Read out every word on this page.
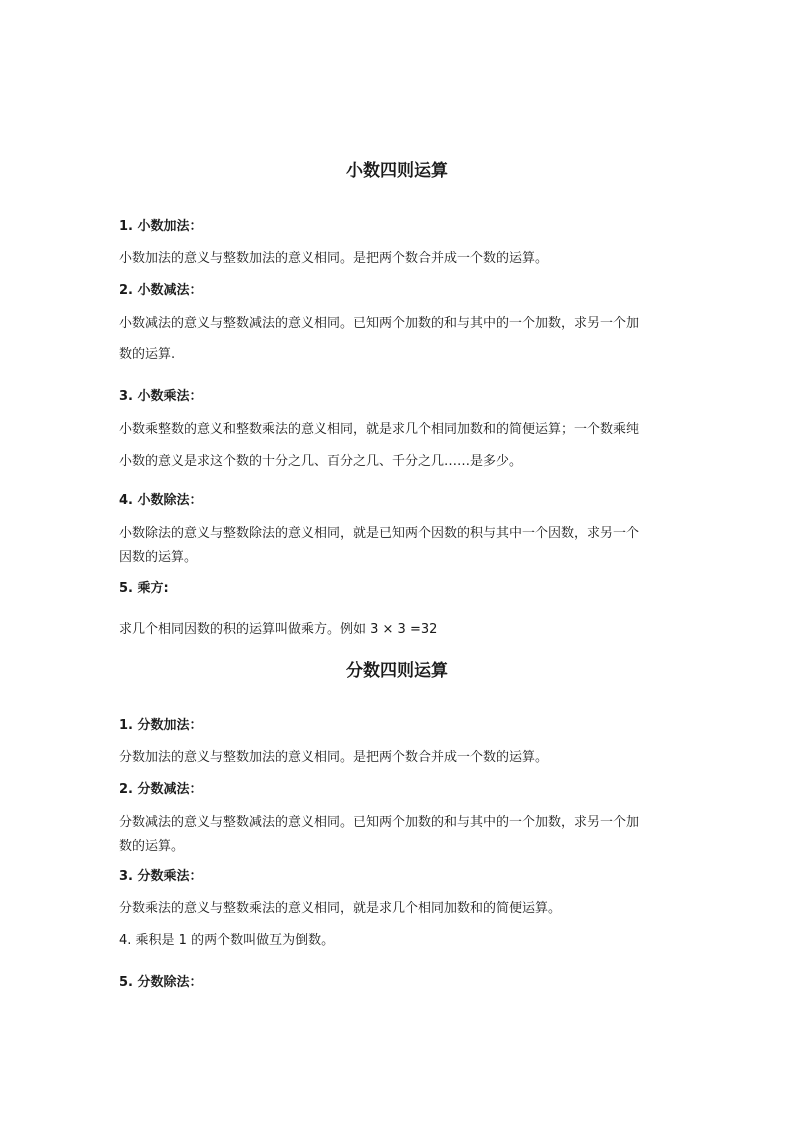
小数四则运算
1. 小数加法：
小数加法的意义与整数加法的意义相同。是把两个数合并成一个数的运算。
2. 小数减法：
小数减法的意义与整数减法的意义相同。已知两个加数的和与其中的一个加数，求另一个加
数的运算.
3. 小数乘法：
小数乘整数的意义和整数乘法的意义相同，就是求几个相同加数和的简便运算；一个数乘纯
小数的意义是求这个数的十分之几、百分之几、千分之几……是多少。
4. 小数除法：
小数除法的意义与整数除法的意义相同，就是已知两个因数的积与其中一个因数，求另一个
因数的运算。
5. 乘方:
求几个相同因数的积的运算叫做乘方。例如 3 × 3 =32
分数四则运算
1. 分数加法：
分数加法的意义与整数加法的意义相同。是把两个数合并成一个数的运算。
2. 分数减法：
分数减法的意义与整数减法的意义相同。已知两个加数的和与其中的一个加数，求另一个加
数的运算。
3. 分数乘法：
分数乘法的意义与整数乘法的意义相同，就是求几个相同加数和的简便运算。
4. 乘积是 1 的两个数叫做互为倒数。
5. 分数除法：
